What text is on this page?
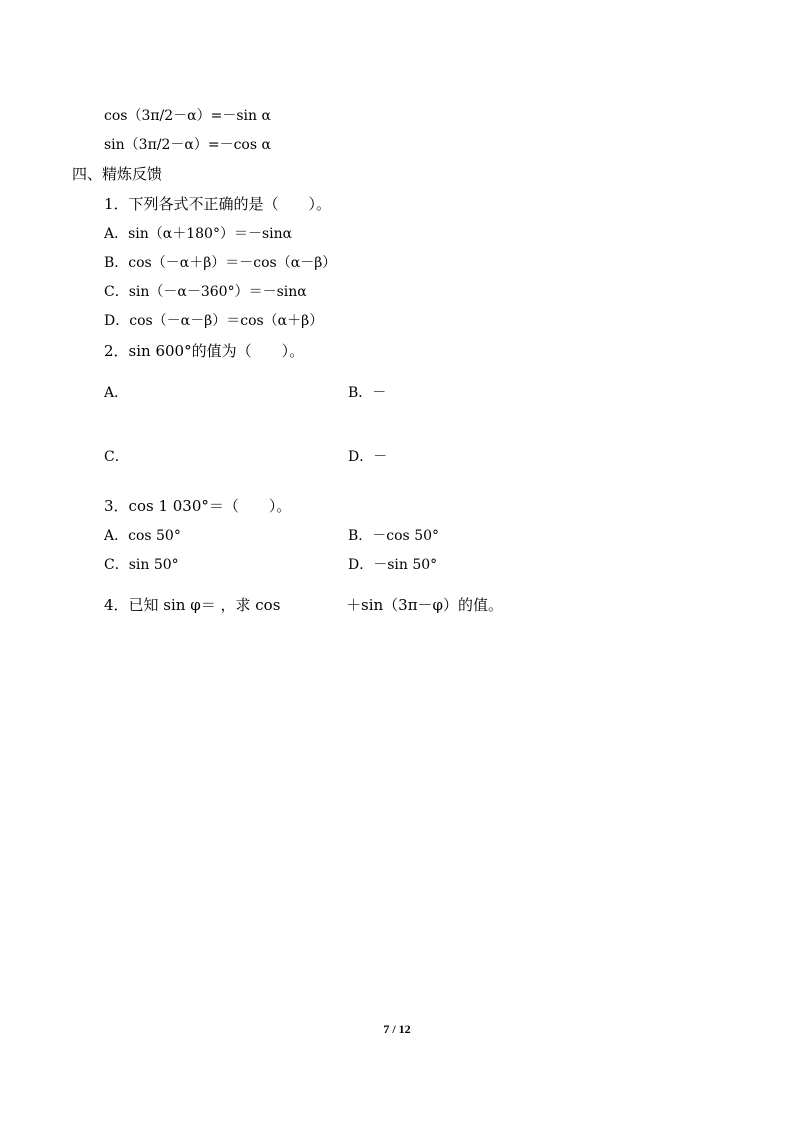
cos（3π/2－α）=－sin α
sin（3π/2－α）=－cos α
四、精炼反馈
1．下列各式不正确的是（　　）。
A．sin（α＋180°）＝－sinα
B．cos（－α＋β）＝－cos（α－β）
C．sin（－α－360°）＝－sinα
D．cos（－α－β）＝cos（α＋β）
2．sin 600°的值为（　　）。
A．	B．－
C．	D．－
3．cos 1 030°＝（　　）。
A．cos 50°	B．－cos 50°
C．sin 50°	D．－sin 50°
4．已知 sin φ＝ ，求 cos	＋sin（3π－φ）的值。
7 / 12
